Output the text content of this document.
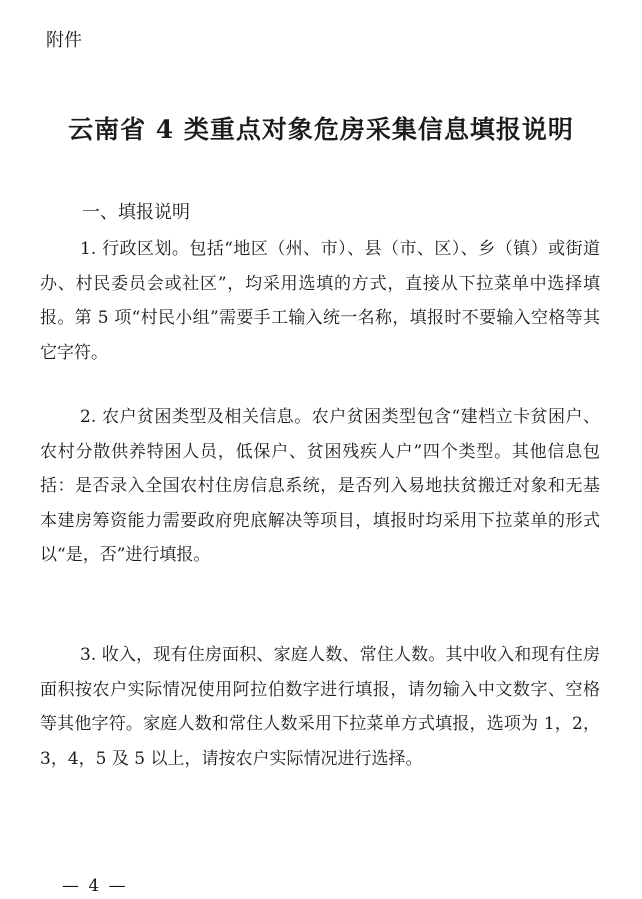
附件
云南省 4 类重点对象危房采集信息填报说明
一、填报说明

1. 行政区划。包括“地区（州、市）、县（市、区）、乡（镇）或街道办、村民委员会或社区”，均采用选填的方式，直接从下拉菜单中选择填报。第 5 项“村民小组”需要手工输入统一名称，填报时不要输入空格等其它字符。

2. 农户贫困类型及相关信息。农户贫困类型包含“建档立卡贫困户、农村分散供养特困人员，低保户、贫困残疾人户”四个类型。其他信息包括：是否录入全国农村住房信息系统，是否列入易地扶贫搬迁对象和无基本建房筹资能力需要政府兜底解决等项目，填报时均采用下拉菜单的形式以“是，否”进行填报。

3. 收入，现有住房面积、家庭人数、常住人数。其中收入和现有住房面积按农户实际情况使用阿拉伯数字进行填报，请勿输入中文数字、空格等其他字符。家庭人数和常住人数采用下拉菜单方式填报，选项为 1，2，3，4，5 及 5 以上，请按农户实际情况进行选择。

— 4 —
